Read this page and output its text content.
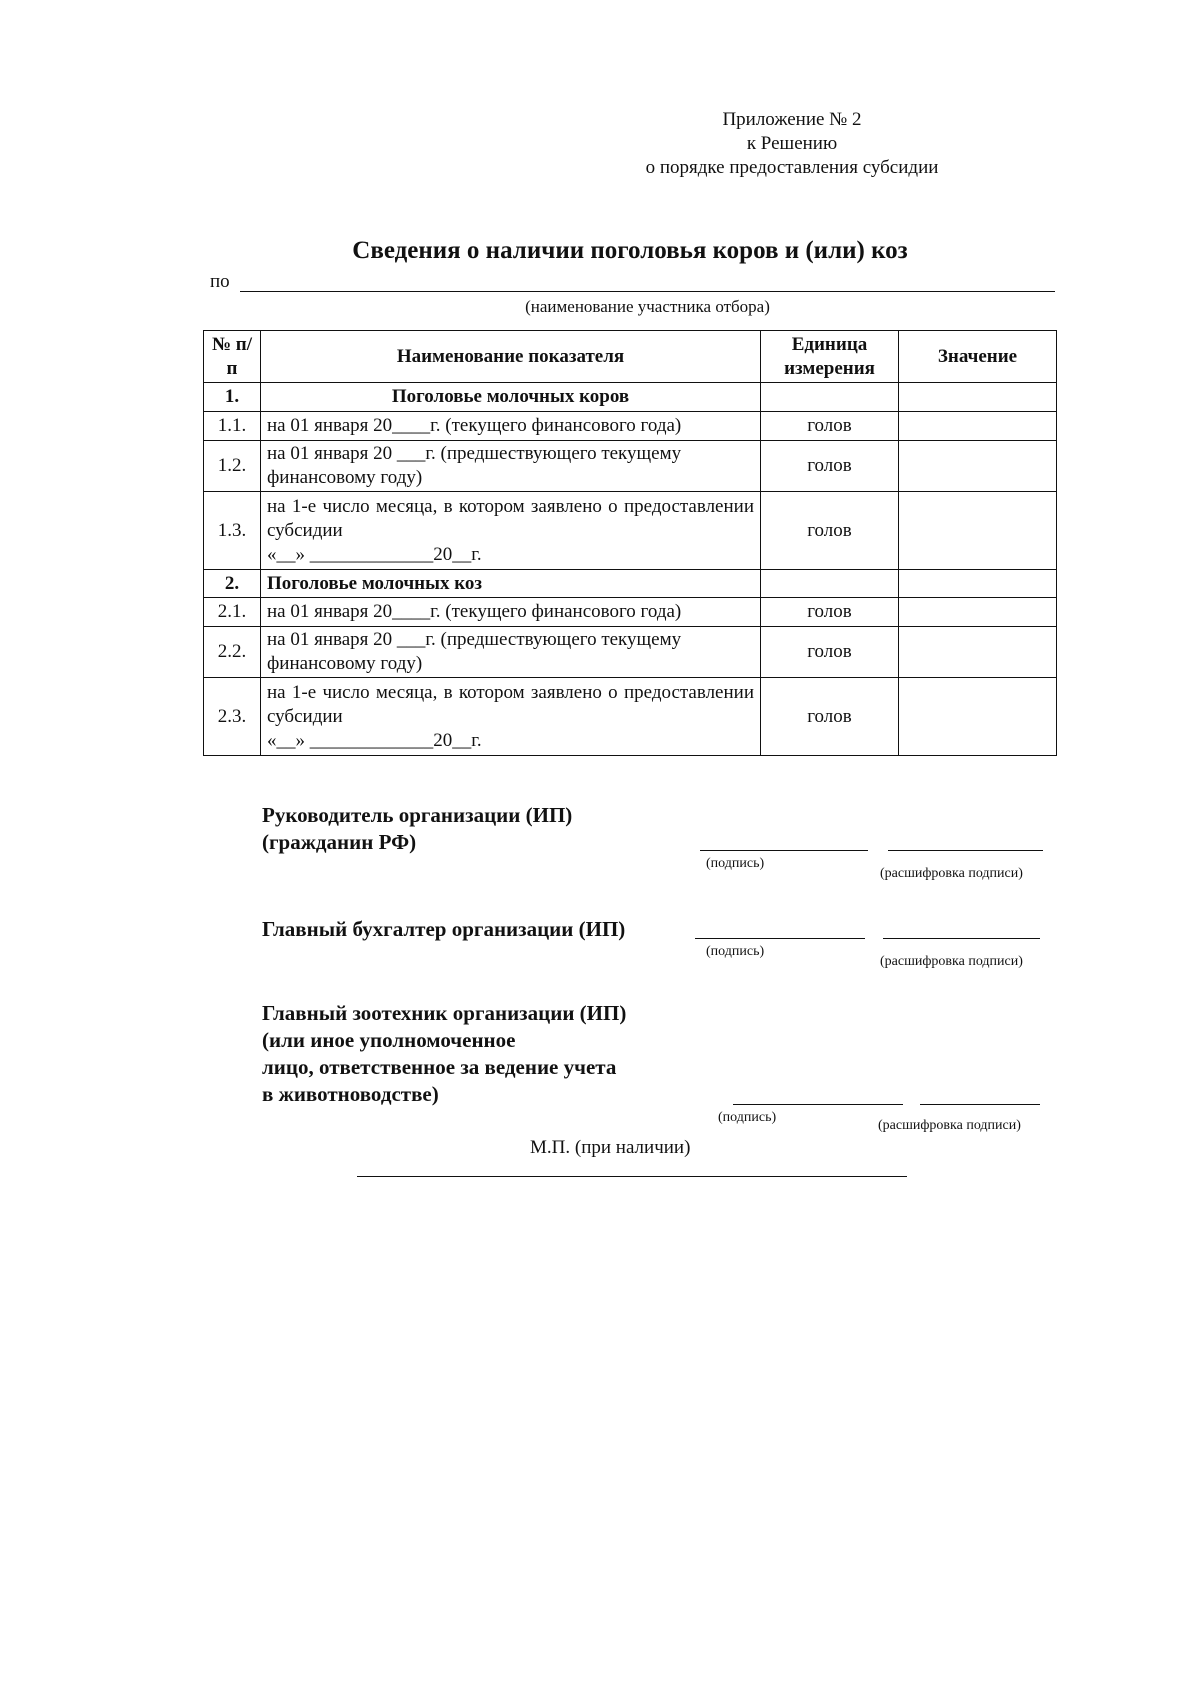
Приложение № 2
к Решению
о порядке предоставления субсидии
Сведения о наличии поголовья коров и (или) коз
по
(наименование участника отбора)
№ п/п	Наименование показателя	Единица измерения	Значение
1.	Поголовье молочных коров		
1.1.	на 01 января 20____г. (текущего финансового года)	голов	
1.2.	на 01 января 20 ___г. (предшествующего текущему финансовому году)	голов	
1.3.	на 1-е число месяца, в котором заявлено о предоставлении субсидии
«__» _____________20__г.	голов	
2.	Поголовье молочных коз		
2.1.	на 01 января 20____г. (текущего финансового года)	голов	
2.2.	на 01 января 20 ___г. (предшествующего текущему финансовому году)	голов	
2.3.	на 1-е число месяца, в котором заявлено о предоставлении субсидии
«__» _____________20__г.	голов	
Руководитель организации (ИП)
(гражданин РФ)
(подпись)
(расшифровка подписи)
Главный бухгалтер организации (ИП)
(подпись)
(расшифровка подписи)
Главный зоотехник организации (ИП)
(или иное уполномоченное
лицо, ответственное за ведение учета
в животноводстве)
(подпись)
(расшифровка подписи)
М.П. (при наличии)
